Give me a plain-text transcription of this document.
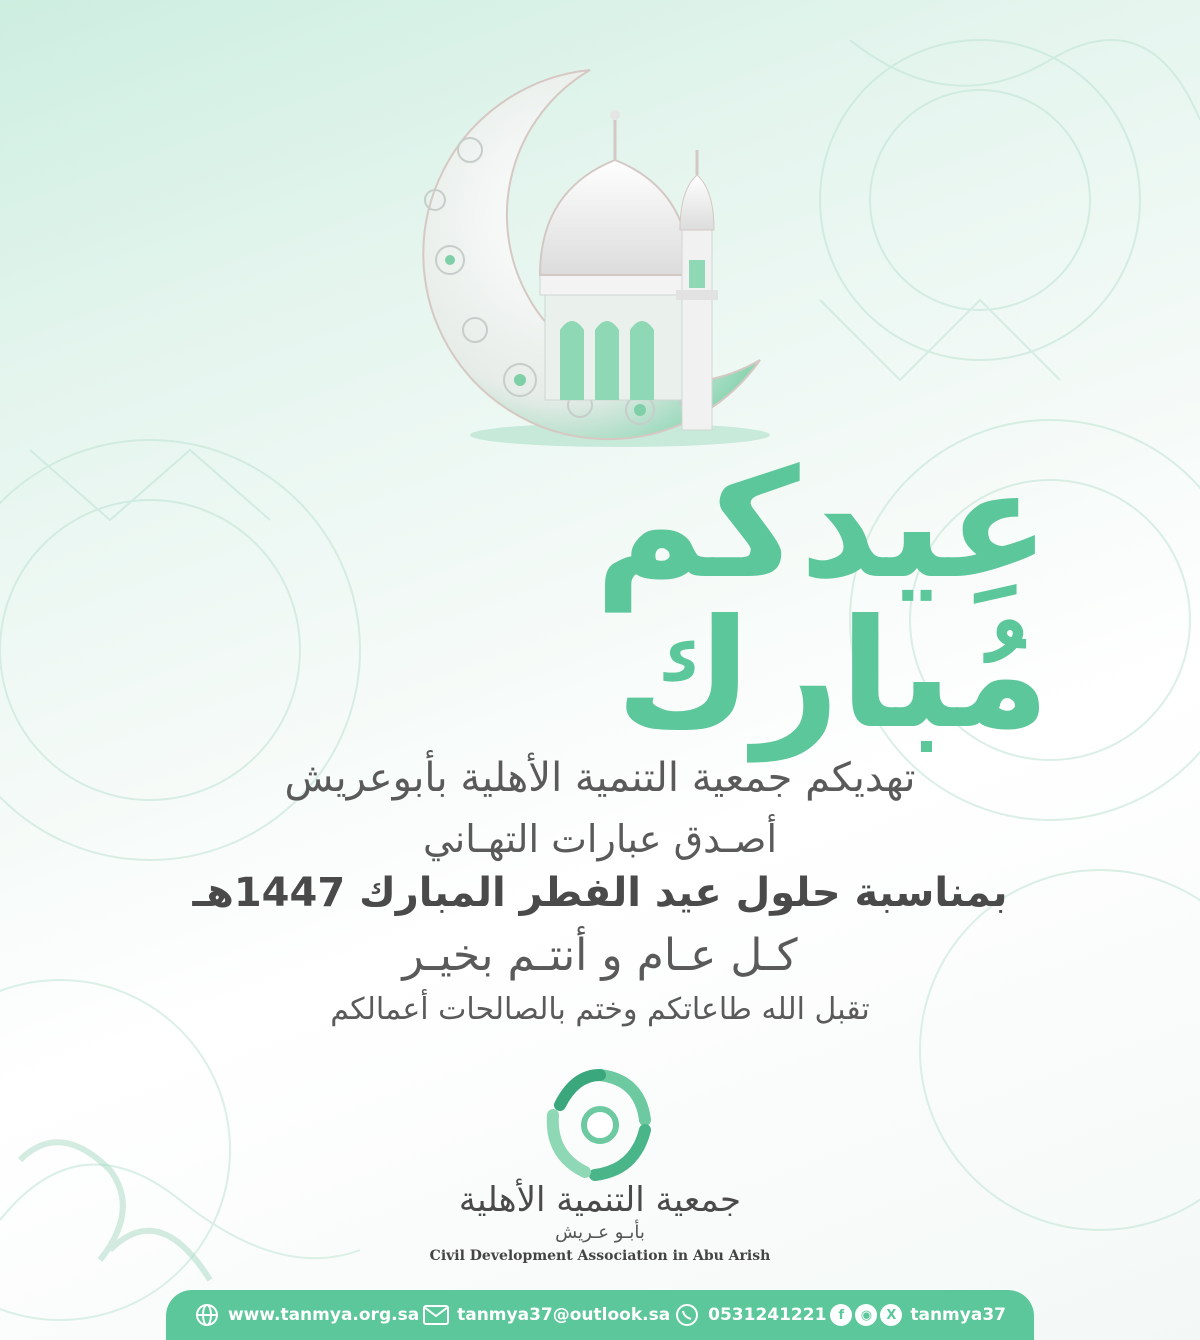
عِيدكم مُبارك
تهديكم جمعية التنمية الأهلية بأبوعريش
أصـدق عبارات التهـاني
بمناسبة حلول عيد الفطر المبارك 1447هـ
كـل عـام و أنتـم بخيـر
تقبل الله طاعاتكم وختم بالصالحات أعمالكم
جمعية التنمية الأهلية
بأبـو عـريش
Civil Development Association in Abu Arish
www.tanmya.org.sa tanmya37@outlook.sa 0531241221 f	◉	X tanmya37
